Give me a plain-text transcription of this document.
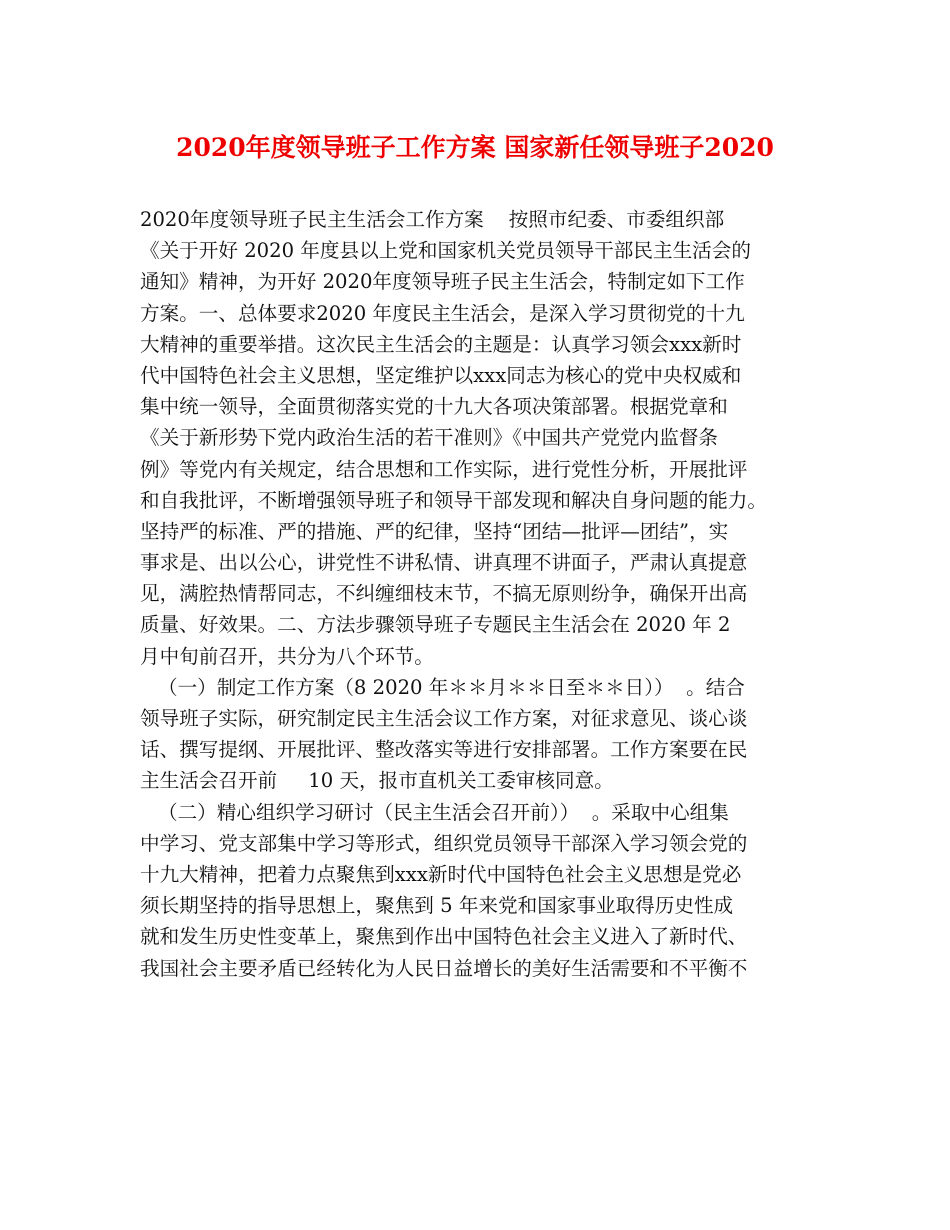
2020年度领导班子工作方案 国家新任领导班子2020
2020年度领导班子民主生活会工作方案    按照市纪委、市委组织部
《关于开好 2020 年度县以上党和国家机关党员领导干部民主生活会的
通知》精神，为开好 2020年度领导班子民主生活会，特制定如下工作
方案。一、总体要求2020 年度民主生活会，是深入学习贯彻党的十九
大精神的重要举措。这次民主生活会的主题是：认真学习领会xxx新时
代中国特色社会主义思想，坚定维护以xxx同志为核心的党中央权威和
集中统一领导，全面贯彻落实党的十九大各项决策部署。根据党章和
《关于新形势下党内政治生活的若干准则》《中国共产党党内监督条
例》等党内有关规定，结合思想和工作实际，进行党性分析，开展批评
和自我批评，不断增强领导班子和领导干部发现和解决自身问题的能力。
坚持严的标准、严的措施、严的纪律，坚持“团结—批评—团结”，实
事求是、出以公心，讲党性不讲私情、讲真理不讲面子，严肃认真提意
见，满腔热情帮同志，不纠缠细枝末节，不搞无原则纷争，确保开出高
质量、好效果。二、方法步骤领导班子专题民主生活会在 2020 年 2
月中旬前召开，共分为八个环节。
（一）制定工作方案（8 2020 年＊＊月＊＊日至＊＊日））  。结合
领导班子实际，研究制定民主生活会议工作方案，对征求意见、谈心谈
话、撰写提纲、开展批评、整改落实等进行安排部署。工作方案要在民
主生活会召开前     10 天，报市直机关工委审核同意。
（二）精心组织学习研讨（民主生活会召开前））  。采取中心组集
中学习、党支部集中学习等形式，组织党员领导干部深入学习领会党的
十九大精神，把着力点聚焦到xxx新时代中国特色社会主义思想是党必
须长期坚持的指导思想上，聚焦到 5 年来党和国家事业取得历史性成
就和发生历史性变革上，聚焦到作出中国特色社会主义进入了新时代、
我国社会主要矛盾已经转化为人民日益增长的美好生活需要和不平衡不
